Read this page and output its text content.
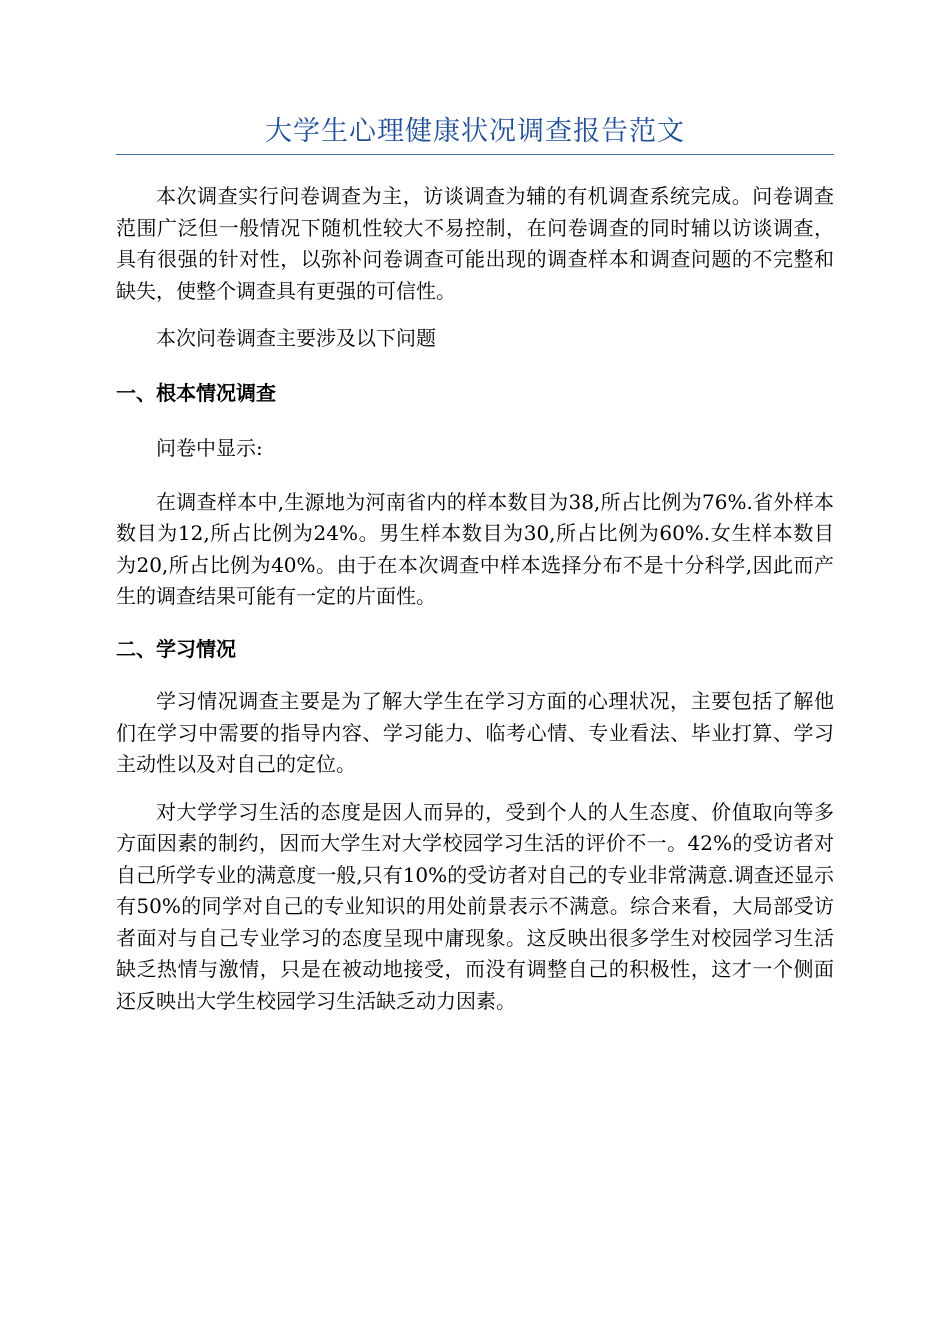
大学生心理健康状况调查报告范文

本次调查实行问卷调查为主，访谈调查为辅的有机调查系统完成。问卷调查范围广泛但一般情况下随机性较大不易控制，在问卷调查的同时辅以访谈调查，具有很强的针对性，以弥补问卷调查可能出现的调查样本和调查问题的不完整和缺失，使整个调查具有更强的可信性。

本次问卷调查主要涉及以下问题

一、根本情况调查

问卷中显示:

在调查样本中,生源地为河南省内的样本数目为38,所占比例为76%.省外样本数目为12,所占比例为24%。男生样本数目为30,所占比例为60%.女生样本数目为20,所占比例为40%。由于在本次调查中样本选择分布不是十分科学,因此而产生的调查结果可能有一定的片面性。

二、学习情况

学习情况调查主要是为了解大学生在学习方面的心理状况，主要包括了解他们在学习中需要的指导内容、学习能力、临考心情、专业看法、毕业打算、学习主动性以及对自己的定位。

对大学学习生活的态度是因人而异的，受到个人的人生态度、价值取向等多方面因素的制约，因而大学生对大学校园学习生活的评价不一。42%的受访者对自己所学专业的满意度一般,只有10%的受访者对自己的专业非常满意.调查还显示有50%的同学对自己的专业知识的用处前景表示不满意。综合来看，大局部受访者面对与自己专业学习的态度呈现中庸现象。这反映出很多学生对校园学习生活缺乏热情与激情，只是在被动地接受，而没有调整自己的积极性，这才一个侧面还反映出大学生校园学习生活缺乏动力因素。
